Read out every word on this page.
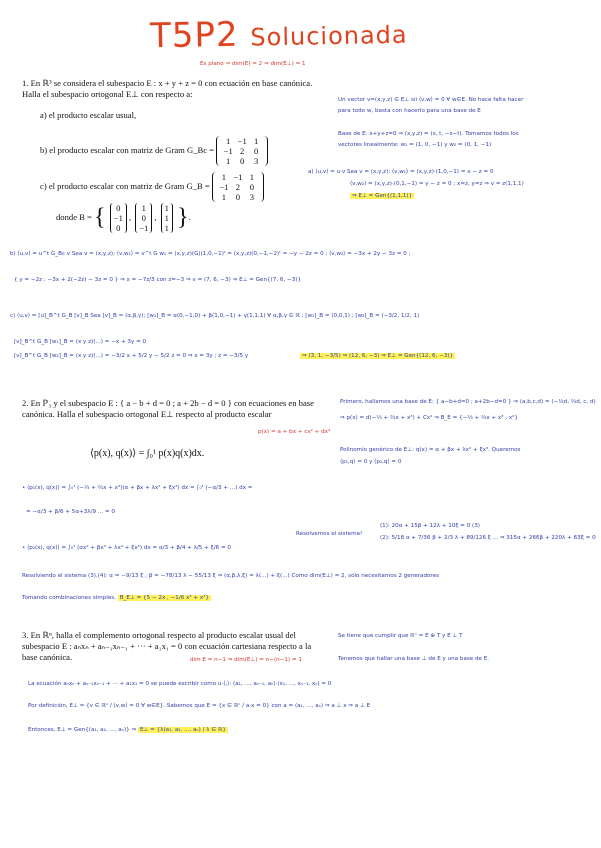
T5P2 Solucionada
Es plano ⇒ dim(E) = 2 ⇒ dim(E⊥) = 1
1. En ℝ³ se considera el subespacio E : x + y + z = 0 con ecuación en base canónica. Halla el subespacio ortogonal E⊥ con respecto a:
a) el producto escalar usual,
b) el producto escalar con matriz de Gram G_Bc =
1 −1 1
−1 2 0
1 0 3
c) el producto escalar con matriz de Gram G_B =
1 −1 1
−1 2 0
1 0 3
donde B = { 0
−1
0
,
1
0
−1
,
1
1
1 }.
Un vector v=(x,y,z) ∈ E⊥ sii ⟨v,w⟩ = 0 ∀ w∈E. No hace falta hacer
para todo w, basta con hacerlo para una base de E
Base de E: x+y+z=0 ⇒ (x,y,z) = (s, t, −s−t). Tomamos todos los
vectores linealmente: w₁ = (1, 0, −1) y w₂ = (0, 1, −1)
a) ⟨u,v⟩ = u·v Sea v = (x,y,z): ⟨v,w₁⟩ = (x,y,z)·(1,0,−1) = x − z = 0
⟨v,w₂⟩ = (x,y,z)·(0,1,−1) = y − z = 0 ; x=z, y=z ⇒ v = z(1,1,1)
⇒ E⊥ = Gen{(1,1,1)}
b) ⟨u,v⟩ = u^t G_Bc v Sea v = (x,y,z); ⟨v,w₁⟩ = v^t G w₁ = (x,y,z)(G)(1,0,−1)ᵗ = (x,y,z)(0,−1,−2)ᵗ = −y − 2z = 0 ; ⟨v,w₂⟩ = −3x + 2y − 3z = 0 ;
{ y = −2z ; −3x + 2(−2z) − 3z = 0 } ⇒ x = −7z/3 con z=−3 ⇒ v = (7, 6, −3) ⇒ E⊥ = Gen{(7, 6, −3)}
c) ⟨u,v⟩ = [u]_B^t G_B [v]_B Sea [v]_B = (α,β,γ); [w₁]_B = α(0,−1,0) + β(1,0,−1) + γ(1,1,1) ∀ α,β,γ ∈ ℝ ; [w₁]_B = (0,0,1) ; [w₂]_B = (−3/2, 1/2, 1)
[v]_B^t G_B [w₁]_B = (x y z)(...) = −x + 3y = 0
[v]_B^t G_B [w₂]_B = (x y z)(...) = −3/2 x + 5/2 y − 5/2 z = 0 ⇒ x = 3y ; z = −3/5 y	⇒ (3, 1, −3/5) ⇒ (12, 6, −3) ⇒ E⊥ = Gen{(12, 6, −3)}
2. En ℙ₃ y el subespacio E : { a − b + d = 0 ; a + 2b − d = 0 } con ecuaciones en base canónica. Halla el subespacio ortogonal E⊥ respecto al producto escalar
p(x) = a + bx + cx² + dx³
⟨p(x), q(x)⟩ = ∫₀¹ p(x)q(x)dx.
Primero, hallamos una base de E: { a−b+d=0 ; a+2b−d=0 } ⇒ (a,b,c,d) = (−⅓d, ⅔d, c, d)
⇒ p(x) = d(−⅓ + ⅔x + x³) + Cx² ⇒ B_E = {−⅓ + ⅔x + x³ , x²}
Polinomio genérico de E⊥: q(x) = α + βx + λx² + ξx³. Queremos
⟨p₁,q⟩ = 0 y ⟨p₂,q⟩ = 0
• ⟨p₁(x), q(x)⟩ = ∫₀¹ (−⅓ + ⅔x + x³)(α + βx + λx² + ξx³) dx = ∫₀¹ (−α/3 + ...) dx =
= −α/3 + β/6 + 5α+3λ/9 ... = 0
• ⟨p₂(x), q(x)⟩ = ∫₀¹ (αx² + βx³ + λx⁴ + ξx⁵) dx = α/3 + β/4 + λ/5 + ξ/6 = 0
Resolvemos el sistema!
(1): 20α + 15β + 12λ + 10ξ = 0 (3)
(2): 5/18 α + 7/36 β + 2/3 λ + 89/126 ξ ... ⇒ 315α + 266β + 220λ + 63ξ = 0
Resolviendo el sistema (3),(4): α = −9/13 ξ ; β = −78/13 λ − 55/13 ξ ⇒ (α,β,λ,ξ) = λ(...) + ξ(...) Como dim(E⊥) = 2, sólo necesitamos 2 generadores
Tomando combinaciones simples, B_E⊥ = {5 − 2x , −1/6 x³ + x²}
3. En ℝⁿ, halla el complemento ortogonal respecto al producto escalar usual del subespacio E : aₙxₙ + aₙ₋₁xₙ₋₁ + ··· + a₁x₁ = 0 con ecuación cartesiana respecto a la base canónica.	dim E = n−1 ⇒ dim(E⊥) = n−(n−1) = 1
Se tiene que cumplir que ℝⁿ = E ⊕ T y E ⊥ T
Tenemos que hallar una base ⊥ de E y una base de E.
La ecuación aₙxₙ + aₙ₋₁xₙ₋₁ + ··· + a₁x₁ = 0 se puede escribir como u·⟨,⟩: (a₁, ..., aₙ₋₁, aₙ)·(x₁, ..., xₙ₋₁, xₙ) = 0
Por definición, E⊥ = {v ∈ ℝⁿ / ⟨v,w⟩ = 0 ∀ w∈E}. Sabemos que E = {x ∈ ℝⁿ / a·x = 0} con a = (a₁, ..., aₙ) ⇒ a ⊥ x ⇒ a ⊥ E
Entonces, E⊥ = Gen{(a₁, a₂, ..., aₙ)} ⇒ E⊥ = {λ(a₁, a₂, ..., aₙ) / λ ∈ ℝ}
